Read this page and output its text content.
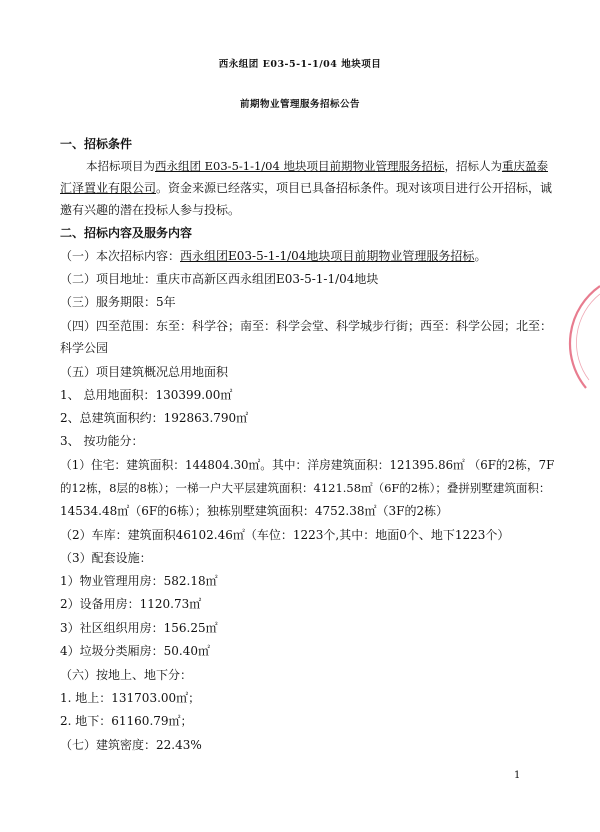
西永组团 E03-5-1-1/04 地块项目
前期物业管理服务招标公告
一、招标条件
本招标项目为西永组团 E03-5-1-1/04 地块项目前期物业管理服务招标，招标人为重庆盈泰
汇泽置业有限公司。资金来源已经落实，项目已具备招标条件。现对该项目进行公开招标，诚
邀有兴趣的潜在投标人参与投标。
二、招标内容及服务内容
（一）本次招标内容：西永组团E03-5-1-1/04地块项目前期物业管理服务招标。
（二）项目地址：重庆市高新区西永组团E03-5-1-1/04地块
（三）服务期限：5年
（四）四至范围：东至：科学谷；南至：科学会堂、科学城步行街；西至：科学公园；北至：
科学公园
（五）项目建筑概况总用地面积
1、 总用地面积：130399.00㎡
2、总建筑面积约：192863.790㎡
3、 按功能分：
（1）住宅：建筑面积：144804.30㎡。其中：洋房建筑面积：121395.86㎡ （6F的2栋，7F
的12栋，8层的8栋）；一梯一户大平层建筑面积：4121.58㎡（6F的2栋）；叠拼别墅建筑面积：
14534.48㎡（6F的6栋）；独栋别墅建筑面积：4752.38㎡（3F的2栋）
（2）车库：建筑面积46102.46㎡（车位：1223个,其中：地面0个、地下1223个）
（3）配套设施：
1）物业管理用房：582.18㎡
2）设备用房：1120.73㎡
3）社区组织用房：156.25㎡
4）垃圾分类厢房：50.40㎡
（六）按地上、地下分：
1. 地上：131703.00㎡；
2. 地下：61160.79㎡；
（七）建筑密度：22.43%
1
